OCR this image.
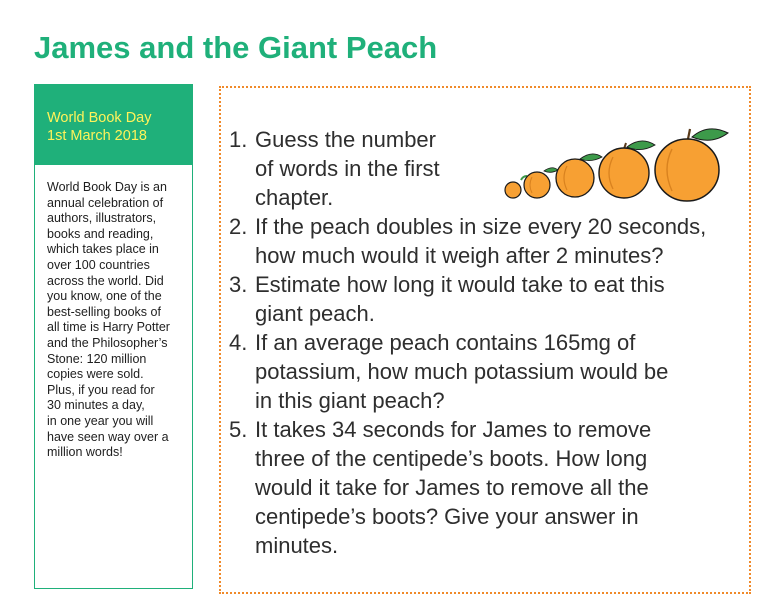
James and the Giant Peach
World Book Day
1st March 2018
World Book Day is an
annual celebration of
authors, illustrators,
books and reading,
which takes place in
over 100 countries
across the world. Did
you know, one of the
best-selling books of
all time is Harry Potter
and the Philosopher’s
Stone: 120 million
copies were sold.
Plus, if you read for
30 minutes a day,
in one year you will
have seen way over a
million words!
1. Guess the number
of words in the first
chapter.
2. If the peach doubles in size every 20 seconds,
how much would it weigh after 2 minutes?
3. Estimate how long it would take to eat this
giant peach.
4. If an average peach contains 165mg of
potassium, how much potassium would be
in this giant peach?
5. It takes 34 seconds for James to remove
three of the centipede’s boots. How long
would it take for James to remove all the
centipede’s boots? Give your answer in
minutes.
